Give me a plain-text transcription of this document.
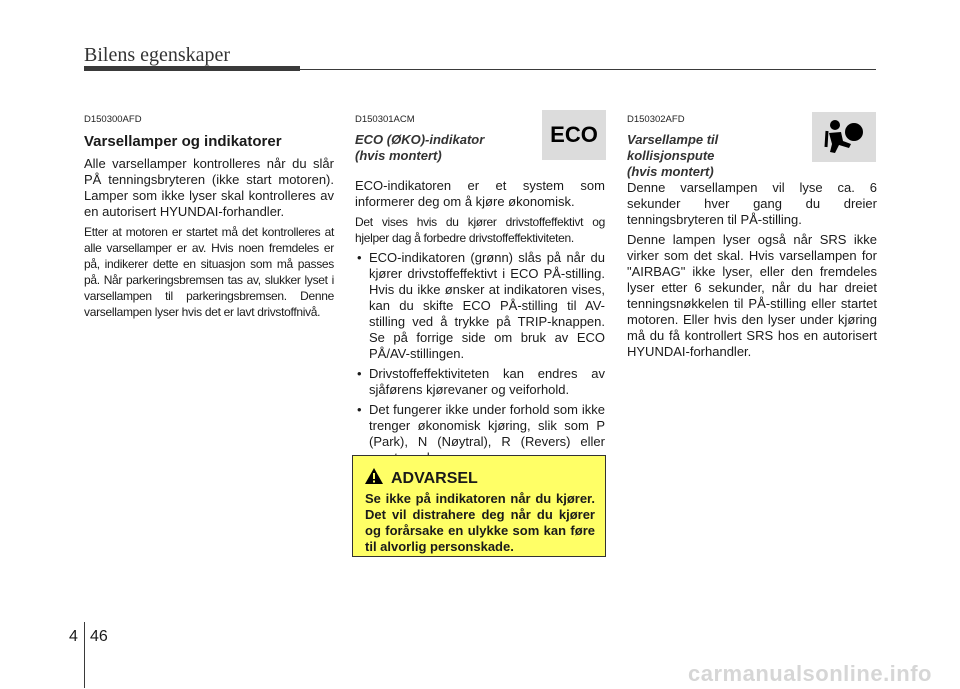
Bilens egenskaper
D150300AFD
Varsellamper og indikatorer

Alle varsellamper kontrolleres når du slår PÅ tenningsbryteren (ikke start motoren). Lamper som ikke lyser skal kontrolleres av en autorisert HYUNDAI-forhandler.

Etter at motoren er startet må det kontrolleres at alle varsellamper er av. Hvis noen fremdeles er på, indikerer dette en situasjon som må passes på. Når parkeringsbremsen tas av, slukker lyset i varsellampen til parkeringsbremsen. Denne varsellampen lyser hvis det er lavt drivstoffnivå.

D150301ACM
ECO (ØKO)-indikator
(hvis montert)

ECO-indikatoren er et system som informerer deg om å kjøre økonomisk.

Det vises hvis du kjører drivstoffeffektivt og hjelper dag å forbedre drivstoffeffektiviteten.

• ECO-indikatoren (grønn) slås på når du kjører drivstoffeffektivt i ECO PÅ-stilling. Hvis du ikke ønsker at indikatoren vises, kan du skifte ECO PÅ-stilling til AV-stilling ved å trykke på TRIP-knappen. Se på forrige side om bruk av ECO PÅ/AV-stillingen.
• Drivstoffeffektiviteten kan endres av sjåførens kjørevaner og veiforhold.
• Det fungerer ikke under forhold som ikke trenger økonomisk kjøring, slik som P (Park), N (Nøytral), R (Revers) eller
ECO
ADVARSEL
Se ikke på indikatoren når du kjører. Det vil distrahere deg når du kjører og forårsake en ulykke som kan føre til alvorlig personskade.
D150302AFD
Varsellampe til
kollisjonspute
(hvis montert)

Denne varsellampen vil lyse ca. 6 sekunder hver gang du dreier tenningsbryteren til PÅ-stilling.

Denne lampen lyser også når SRS ikke virker som det skal. Hvis varsellampen for "AIRBAG" ikke lyser, eller den fremdeles lyser etter 6 sekunder, når du har dreiet tenningsnøkkelen til PÅ-stilling eller startet motoren. Eller hvis den lyser under kjøring må du få kontrollert SRS hos en autorisert HYUNDAI-forhandler.

4 46
carmanualsonline.info
